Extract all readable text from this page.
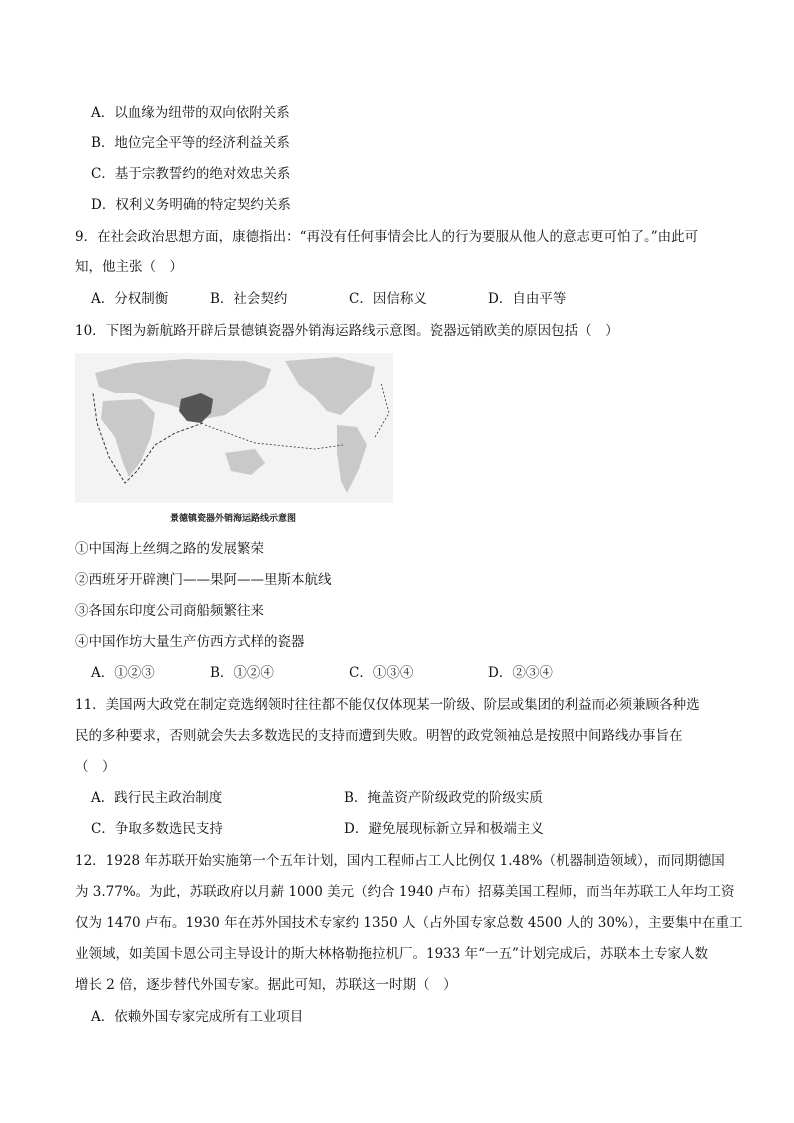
A．以血缘为纽带的双向依附关系
B．地位完全平等的经济利益关系
C．基于宗教誓约的绝对效忠关系
D．权利义务明确的特定契约关系
9．在社会政治思想方面，康德指出：“再没有任何事情会比人的行为要服从他人的意志更可怕了。”由此可
知，他主张（　）
A．分权制衡	B．社会契约	C．因信称义	D．自由平等
10．下图为新航路开辟后景德镇瓷器外销海运路线示意图。瓷器远销欧美的原因包括（　）
景德镇瓷器外销海运路线示意图
①中国海上丝绸之路的发展繁荣
②西班牙开辟澳门——果阿——里斯本航线
③各国东印度公司商船频繁往来
④中国作坊大量生产仿西方式样的瓷器
A．①②③	B．①②④	C．①③④	D．②③④
11．美国两大政党在制定竞选纲领时往往都不能仅仅体现某一阶级、阶层或集团的利益而必须兼顾各种选
民的多种要求，否则就会失去多数选民的支持而遭到失败。明智的政党领袖总是按照中间路线办事旨在
（　）
A．践行民主政治制度	B．掩盖资产阶级政党的阶级实质
C．争取多数选民支持	D．避免展现标新立异和极端主义
12．1928 年苏联开始实施第一个五年计划，国内工程师占工人比例仅 1.48%（机器制造领域），而同期德国
为 3.77%。为此，苏联政府以月薪 1000 美元（约合 1940 卢布）招募美国工程师，而当年苏联工人年均工资
仅为 1470 卢布。1930 年在苏外国技术专家约 1350 人（占外国专家总数 4500 人的 30%），主要集中在重工
业领域，如美国卡恩公司主导设计的斯大林格勒拖拉机厂。1933 年“一五”计划完成后，苏联本土专家人数
增长 2 倍，逐步替代外国专家。据此可知，苏联这一时期（　）
A．依赖外国专家完成所有工业项目
